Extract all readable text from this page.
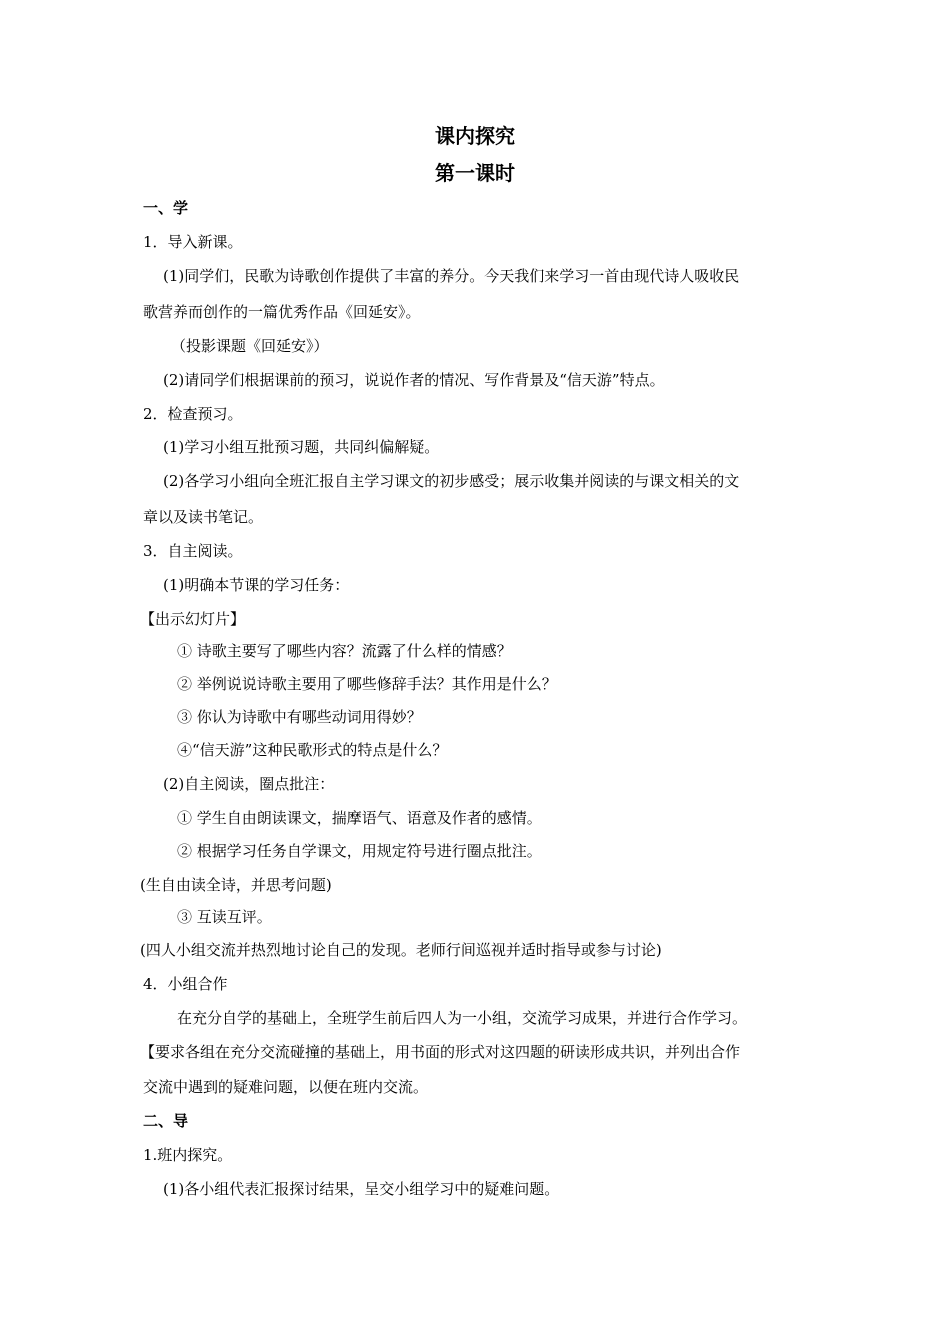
课内探究
第一课时
一、学
1．导入新课。
(1)同学们，民歌为诗歌创作提供了丰富的养分。今天我们来学习一首由现代诗人吸收民
歌营养而创作的一篇优秀作品《回延安》。
（投影课题《回延安》）
(2)请同学们根据课前的预习，说说作者的情况、写作背景及“信天游”特点。
2．检查预习。
(1)学习小组互批预习题，共同纠偏解疑。
(2)各学习小组向全班汇报自主学习课文的初步感受；展示收集并阅读的与课文相关的文
章以及读书笔记。
3．自主阅读。
(1)明确本节课的学习任务：
【出示幻灯片】
① 诗歌主要写了哪些内容？流露了什么样的情感？
② 举例说说诗歌主要用了哪些修辞手法？其作用是什么？
③ 你认为诗歌中有哪些动词用得妙？
④“信天游”这种民歌形式的特点是什么？
(2)自主阅读，圈点批注：
① 学生自由朗读课文，揣摩语气、语意及作者的感情。
② 根据学习任务自学课文，用规定符号进行圈点批注。
(生自由读全诗，并思考问题)
③ 互读互评。
(四人小组交流并热烈地讨论自己的发现。老师行间巡视并适时指导或参与讨论)
4．小组合作
在充分自学的基础上，全班学生前后四人为一小组，交流学习成果，并进行合作学习。
【要求各组在充分交流碰撞的基础上，用书面的形式对这四题的研读形成共识，并列出合作
交流中遇到的疑难问题，以便在班内交流。
二、导
1.班内探究。
(1)各小组代表汇报探讨结果，呈交小组学习中的疑难问题。
